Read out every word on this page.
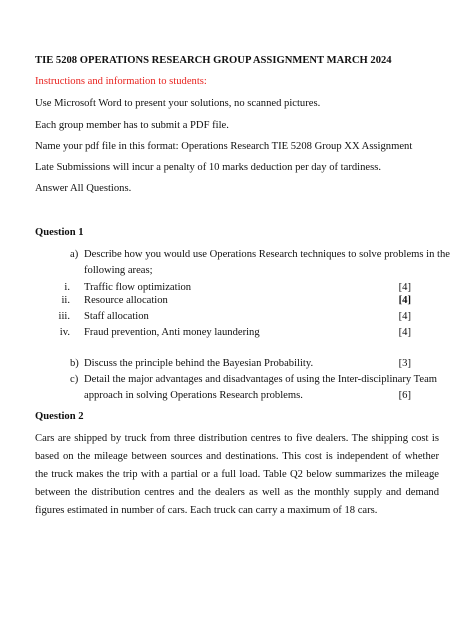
TIE 5208 OPERATIONS RESEARCH GROUP ASSIGNMENT MARCH 2024
Instructions and information to students:
Use Microsoft Word to present your solutions, no scanned pictures.
Each group member has to submit a PDF file.
Name your pdf file in this format: Operations Research TIE 5208 Group XX Assignment
Late Submissions will incur a penalty of 10 marks deduction per day of tardiness.
Answer All Questions.
Question 1
a) Describe how you would use Operations Research techniques to solve problems in the
following areas;
i. Traffic flow optimization	[4]
ii. Resource allocation	[4]
iii. Staff allocation	[4]
iv. Fraud prevention, Anti money laundering	[4]
b) Discuss the principle behind the Bayesian Probability.	[3]
c) Detail the major advantages and disadvantages of using the Inter-disciplinary Team
approach in solving Operations Research problems.	[6]
Question 2
Cars are shipped by truck from three distribution centres to five dealers. The shipping cost is
based on the mileage between sources and destinations. This cost is independent of whether
the truck makes the trip with a partial or a full load. Table Q2 below summarizes the mileage
between the distribution centres and the dealers as well as the monthly supply and demand
figures estimated in number of cars. Each truck can carry a maximum of 18 cars.
